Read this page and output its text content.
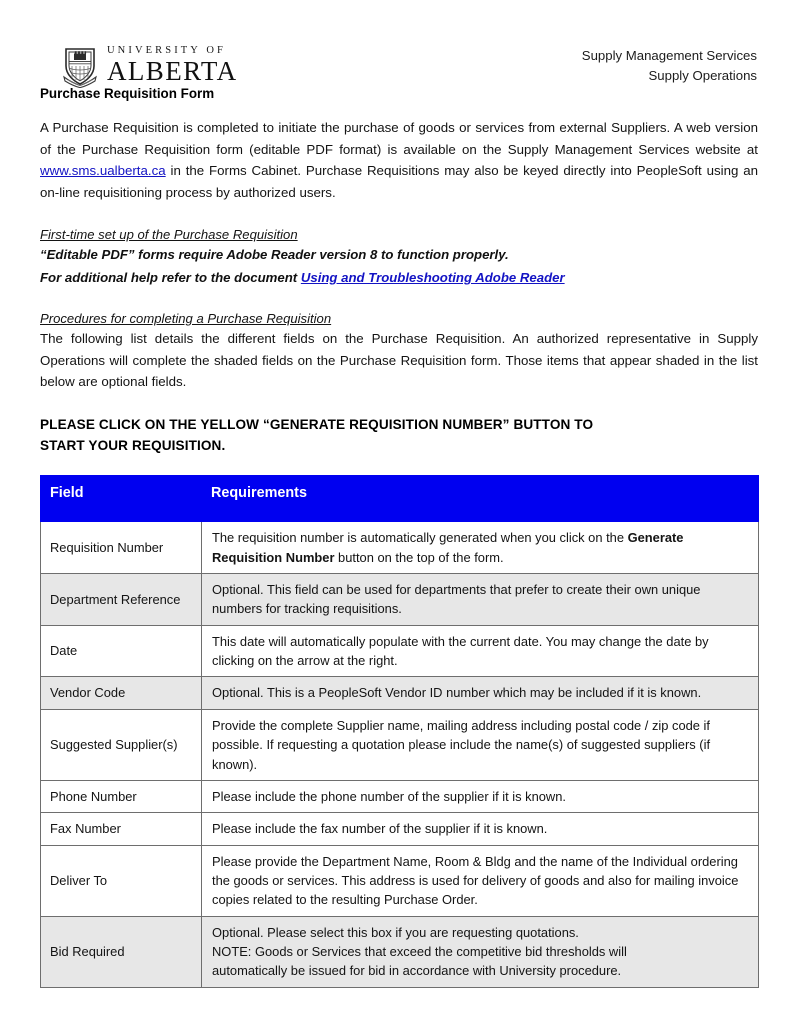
UNIVERSITY OF
ALBERTA
Supply Management Services
Supply Operations
Purchase Requisition Form

A Purchase Requisition is completed to initiate the purchase of goods or services from external Suppliers. A web version of the Purchase Requisition form (editable PDF format) is available on the Supply Management Services website at www.sms.ualberta.ca in the Forms Cabinet. Purchase Requisitions may also be keyed directly into PeopleSoft using an on-line requisitioning process by authorized users.

First-time set up of the Purchase Requisition
“Editable PDF” forms require Adobe Reader version 8 to function properly.
For additional help refer to the document Using and Troubleshooting Adobe Reader
Procedures for completing a Purchase Requisition

The following list details the different fields on the Purchase Requisition. An authorized representative in Supply Operations will complete the shaded fields on the Purchase Requisition form. Those items that appear shaded in the list below are optional fields.

PLEASE CLICK ON THE YELLOW “GENERATE REQUISITION NUMBER” BUTTON TO
START YOUR REQUISITION.
Field	Requirements
Requisition Number	The requisition number is automatically generated when you click on the Generate Requisition Number button on the top of the form.
Department Reference	Optional. This field can be used for departments that prefer to create their own unique numbers for tracking requisitions.
Date	This date will automatically populate with the current date. You may change the date by clicking on the arrow at the right.
Vendor Code	Optional. This is a PeopleSoft Vendor ID number which may be included if it is known.
Suggested Supplier(s)	Provide the complete Supplier name, mailing address including postal code / zip code if possible. If requesting a quotation please include the name(s) of suggested suppliers (if known).
Phone Number	Please include the phone number of the supplier if it is known.
Fax Number	Please include the fax number of the supplier if it is known.
Deliver To	Please provide the Department Name, Room & Bldg and the name of the Individual ordering the goods or services. This address is used for delivery of goods and also for mailing invoice copies related to the resulting Purchase Order.
Bid Required	Optional. Please select this box if you are requesting quotations.
NOTE: Goods or Services that exceed the competitive bid thresholds will
automatically be issued for bid in accordance with University procedure.
